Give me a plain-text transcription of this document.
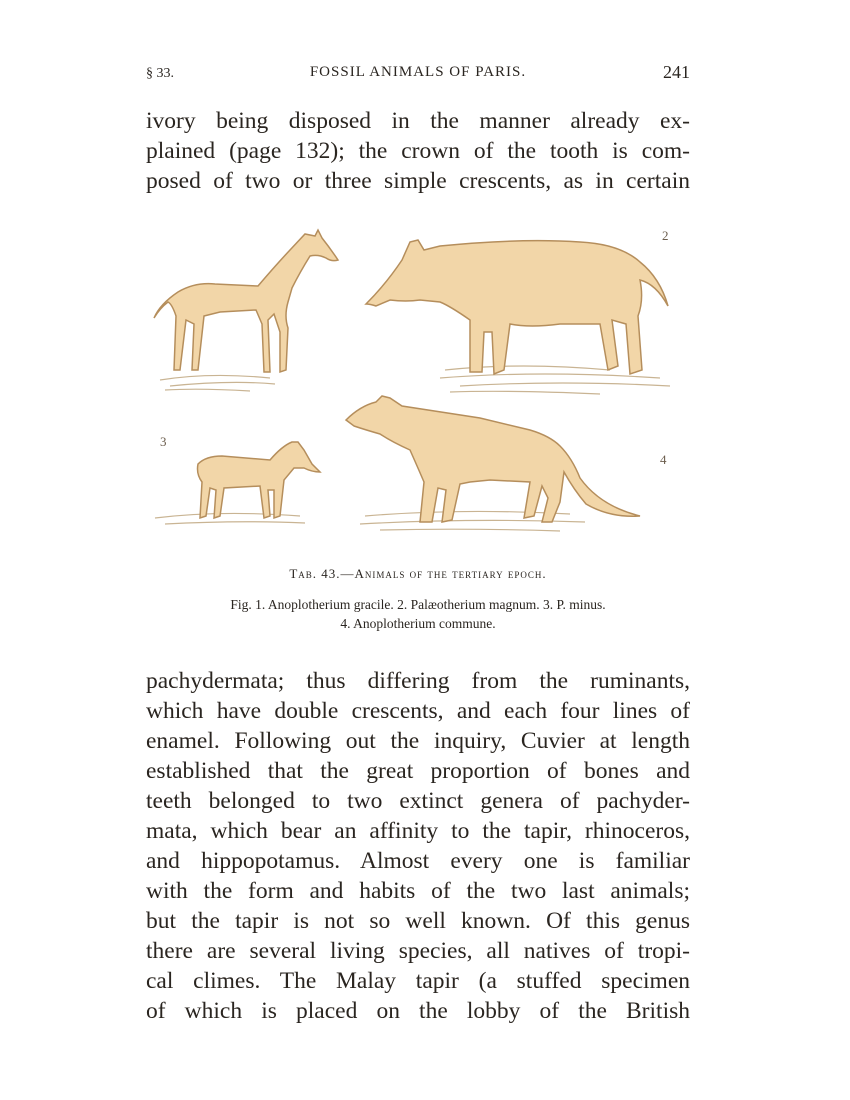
§ 33.	FOSSIL ANIMALS OF PARIS.	241
ivory being disposed in the manner already ex-
plained (page 132); the crown of the tooth is com-
posed of two or three simple crescents, as in certain
2
3
4
Tab. 43.—Animals of the tertiary epoch.
Fig. 1. Anoplotherium gracile. 2. Palæotherium magnum. 3. P. minus.
4. Anoplotherium commune.
pachydermata; thus differing from the ruminants,
which have double crescents, and each four lines of
enamel. Following out the inquiry, Cuvier at length
established that the great proportion of bones and
teeth belonged to two extinct genera of pachyder-
mata, which bear an affinity to the tapir, rhinoceros,
and hippopotamus. Almost every one is familiar
with the form and habits of the two last animals;
but the tapir is not so well known. Of this genus
there are several living species, all natives of tropi-
cal climes. The Malay tapir (a stuffed specimen
of which is placed on the lobby of the British
